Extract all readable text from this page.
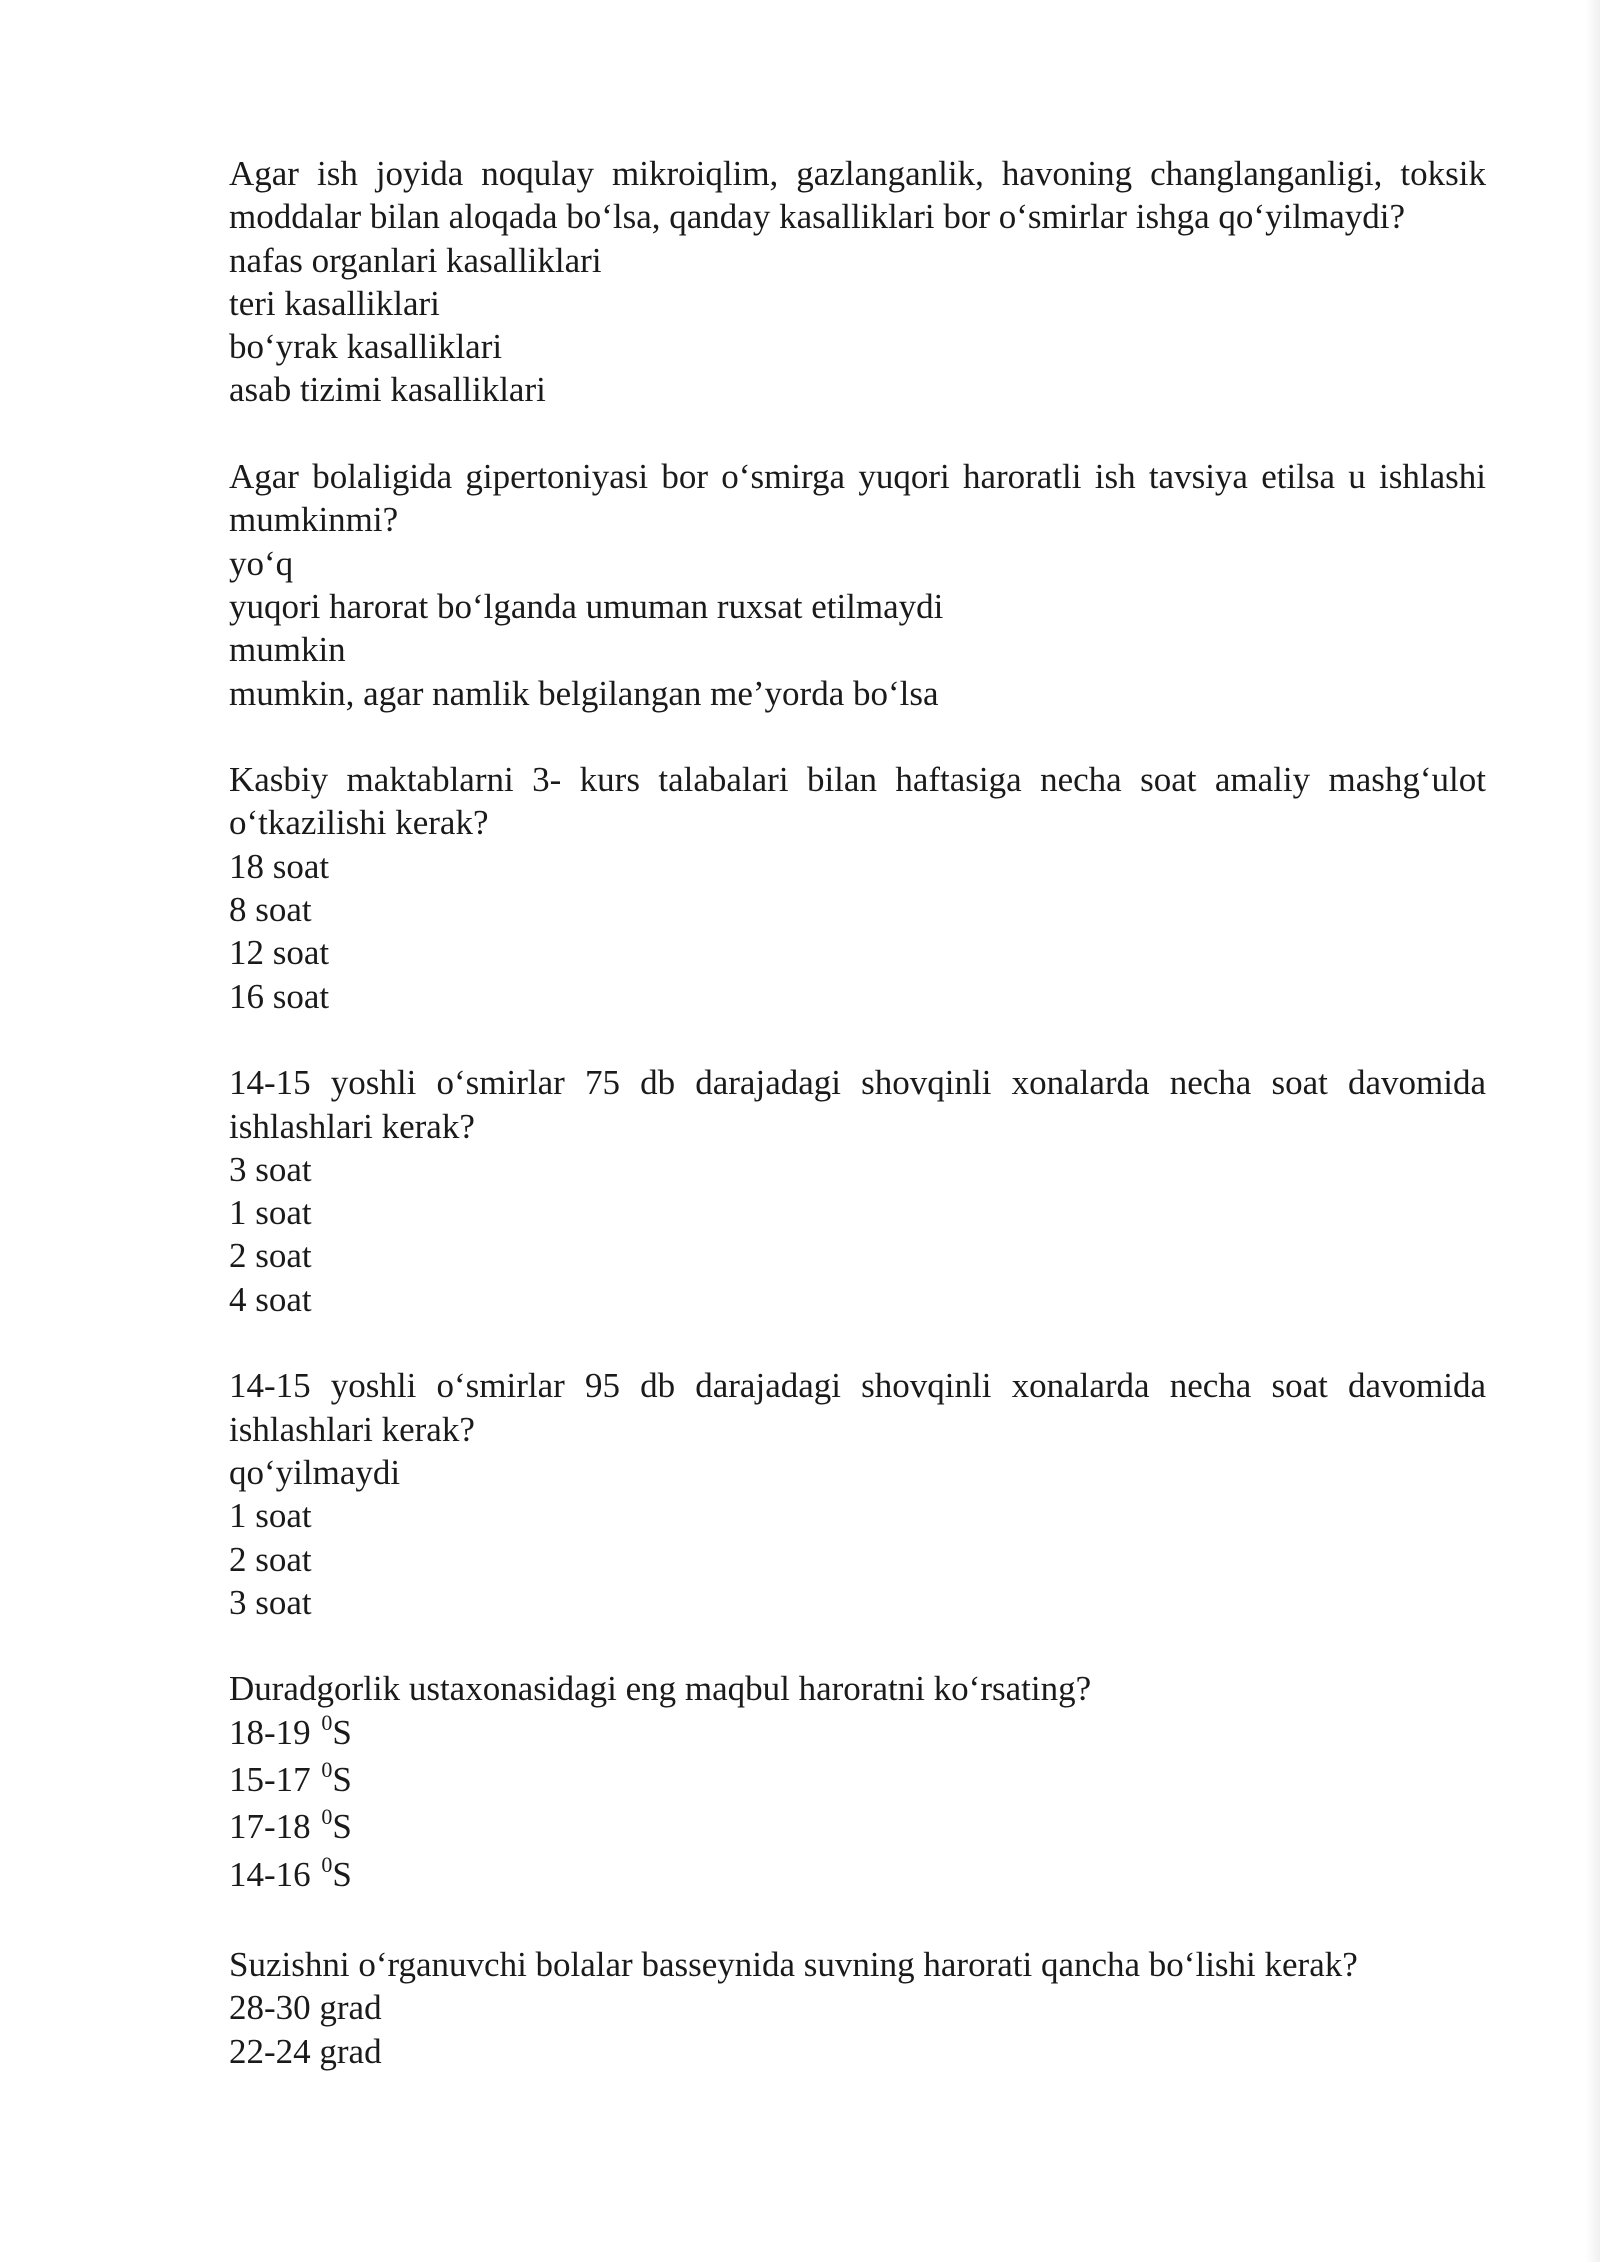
Agar ish joyida noqulay mikroiqlim, gazlanganlik, havoning changlanganligi, toksik moddalar bilan aloqada bo‘lsa, qanday kasalliklari bor o‘smirlar ishga qo‘yilmaydi?

nafas organlari kasalliklari
teri kasalliklari
bo‘yrak kasalliklari
asab tizimi kasalliklari

Agar bolaligida gipertoniyasi bor o‘smirga yuqori haroratli ish tavsiya etilsa u ishlashi mumkinmi?

yo‘q
yuqori harorat bo‘lganda umuman ruxsat etilmaydi
mumkin
mumkin, agar namlik belgilangan me’yorda bo‘lsa

Kasbiy maktablarni 3- kurs talabalari bilan haftasiga necha soat amaliy mashg‘ulot o‘tkazilishi kerak?

18 soat
8 soat
12 soat
16 soat

14-15 yoshli o‘smirlar 75 db darajadagi shovqinli xonalarda necha soat davomida ishlashlari kerak?

3 soat
1 soat
2 soat
4 soat

14-15 yoshli o‘smirlar 95 db darajadagi shovqinli xonalarda necha soat davomida ishlashlari kerak?

qo‘yilmaydi
1 soat
2 soat
3 soat

Duradgorlik ustaxonasidagi eng maqbul haroratni ko‘rsating?

18-19 $^0$S
15-17 $^0$S
17-18 $^0$S
14-16 $^0$S

Suzishni o‘rganuvchi bolalar basseynida suvning harorati qancha bo‘lishi kerak?

28-30 grad
22-24 grad
